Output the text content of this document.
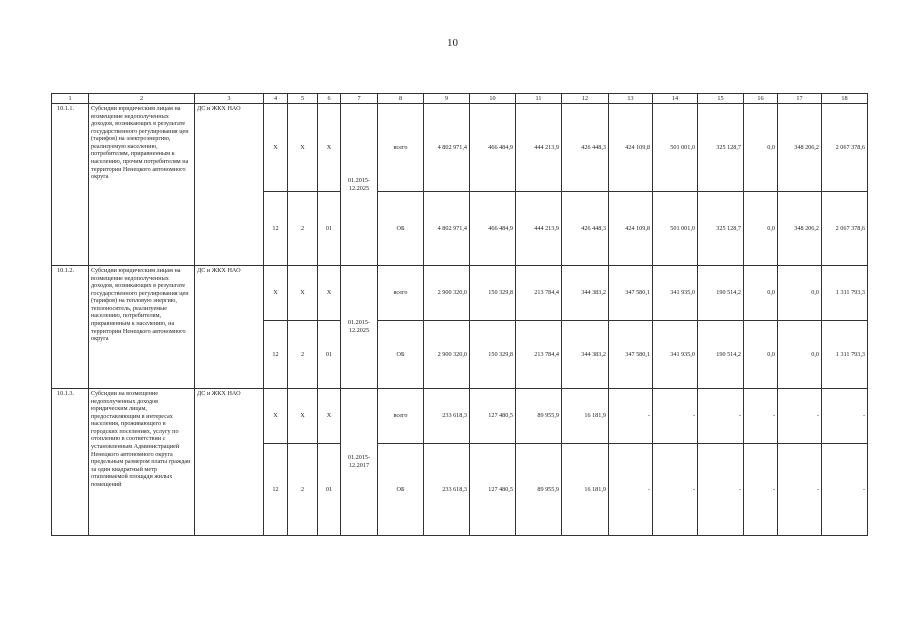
10
1	2	3	4	5	6	7	8	9	10	11	12	13	14	15	16	17	18
10.1.1.	Субсидии юридическим лицам на возмещение недополученных доходов, возникающих в результате государственного регулирования цен (тарифов) на электроэнергию, реализуемую населению, потребителям, приравненным к населению, прочим потребителям на территории Ненецкого автономного округа	ДС и ЖКХ НАО	Х	Х	Х	01.2015-12.2025	всего	4 802 971,4	466 484,9	444 213,9	426 448,3	424 109,8	501 001,0	325 128,7	0,0	348 206,2	2 067 378,6
			12	2	01		ОБ	4 802 971,4	466 484,9	444 213,9	426 448,3	424 109,8	501 001,0	325 128,7	0,0	348 206,2	2 067 378,6
10.1.2.	Субсидии юридическим лицам на возмещение недополученных доходов, возникающих в результате государственного регулирования цен (тарифов) на тепловую энергию, теплоноситель, реализуемые населению, потребителям, приравненным к населению, на территории Ненецкого автономного округа	ДС и ЖКХ НАО	Х	Х	Х	01.2015-12.2025	всего	2 900 320,0	150 329,8	213 784,4	344 383,2	347 580,1	341 935,0	190 514,2	0,0	0,0	1 311 793,3
			12	2	01		ОБ	2 900 320,0	150 329,8	213 784,4	344 383,2	347 580,1	341 935,0	190 514,2	0,0	0,0	1 311 793,3
10.1.3.	Субсидии на возмещение недополученных доходов юридическим лицам, предоставляющим в интересах населения, проживающего в городских поселениях, услугу по отоплению в соответствии с установленным Администрацией Ненецкого автономного округа предельным размером платы граждан за один квадратный метр отапливаемой площади жилых помещений	ДС и ЖКХ НАО	Х	Х	Х	01.2015-12.2017	всего	233 618,3	127 480,5	89 955,9	16 181,9	-	-	-	-	-	-
			12	2	01		ОБ	233 618,3	127 480,5	89 955,9	16 181,9	-	-	-	-	-	-
